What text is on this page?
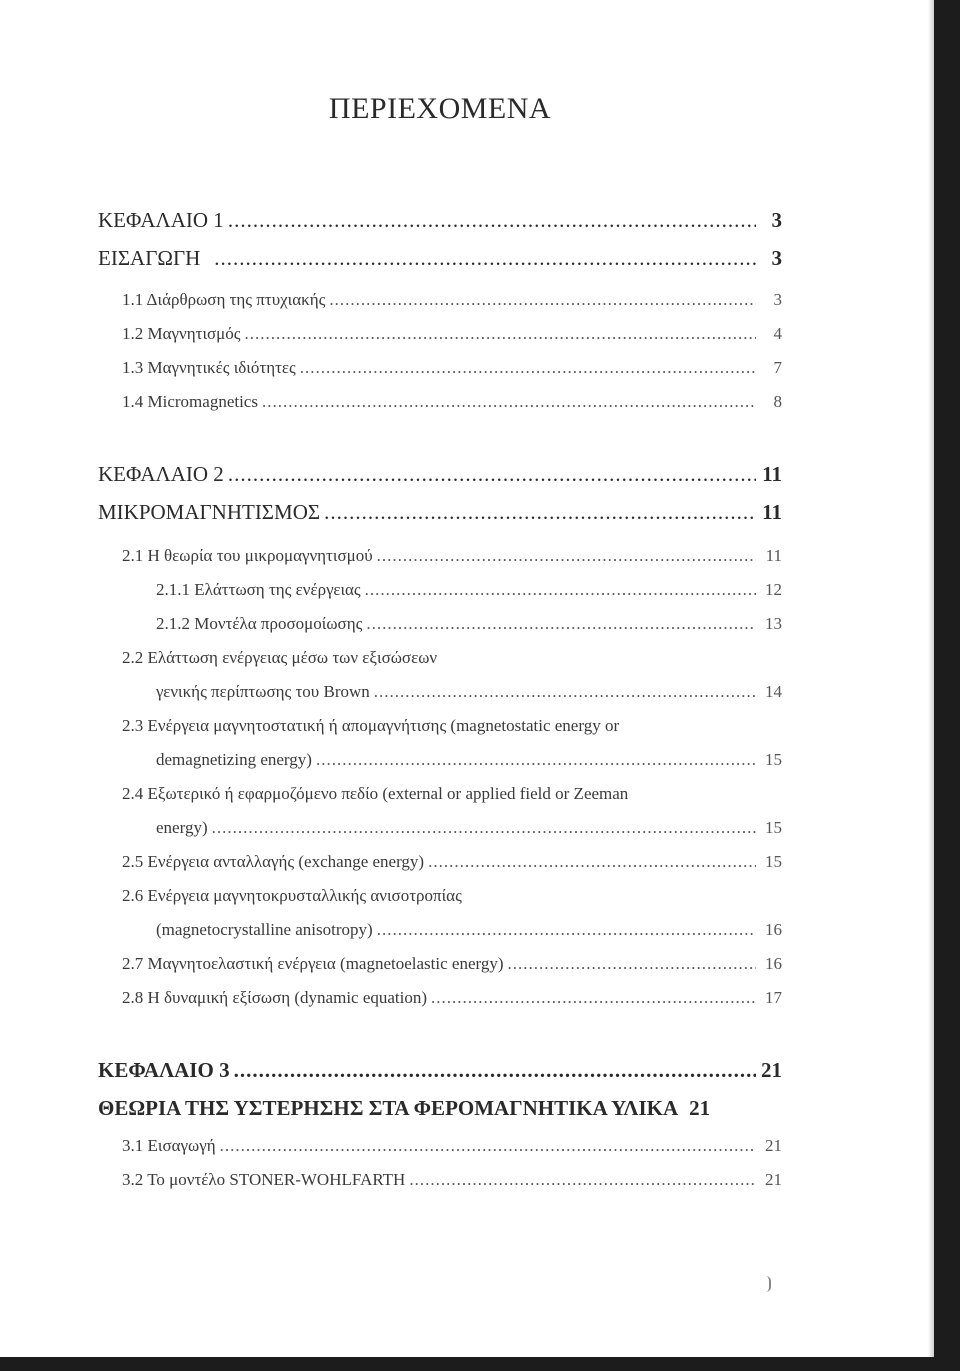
ΠΕΡΙΕΧΟΜΕΝΑ
ΚΕΦΑΛΑΙΟ 1 .....	3
ΕΙΣΑΓΩΓΗ .....	3
1.1 Διάρθρωση της πτυχιακής .....	3
1.2 Μαγνητισμός .....	4
1.3 Μαγνητικές ιδιότητες .....	7
1.4 Micromagnetics .....	8
ΚΕΦΑΛΑΙΟ 2 .....	11
ΜΙΚΡΟΜΑΓΝΗΤΙΣΜΟΣ .....	11
2.1 Η θεωρία του μικρομαγνητισμού .....	11
2.1.1 Ελάττωση της ενέργειας .....	12
2.1.2 Μοντέλα προσομοίωσης .....	13
2.2 Ελάττωση ενέργειας μέσω των εξισώσεων
γενικής περίπτωσης του Brown .....	14
2.3 Ενέργεια μαγνητοστατική ή απομαγνήτισης (magnetostatic energy or
demagnetizing energy) .....	15
2.4 Εξωτερικό ή εφαρμοζόμενο πεδίο (external or applied field or Zeeman
energy) .....	15
2.5 Ενέργεια ανταλλαγής (exchange energy) .....	15
2.6 Ενέργεια μαγνητοκρυσταλλικής ανισοτροπίας
(magnetocrystalline anisotropy) .....	16
2.7 Μαγνητοελαστική ενέργεια (magnetoelastic energy) .....	16
2.8 Η δυναμική εξίσωση (dynamic equation) .....	17
ΚΕΦΑΛΑΙΟ 3 .....	21
ΘΕΩΡΙΑ ΤΗΣ ΥΣΤΕΡΗΣΗΣ ΣΤΑ ΦΕΡΟΜΑΓΝΗΤΙΚΑ ΥΛΙΚΑ 21
3.1 Εισαγωγή .....	21
3.2 Το μοντέλο STONER-WOHLFARTH .....	21
